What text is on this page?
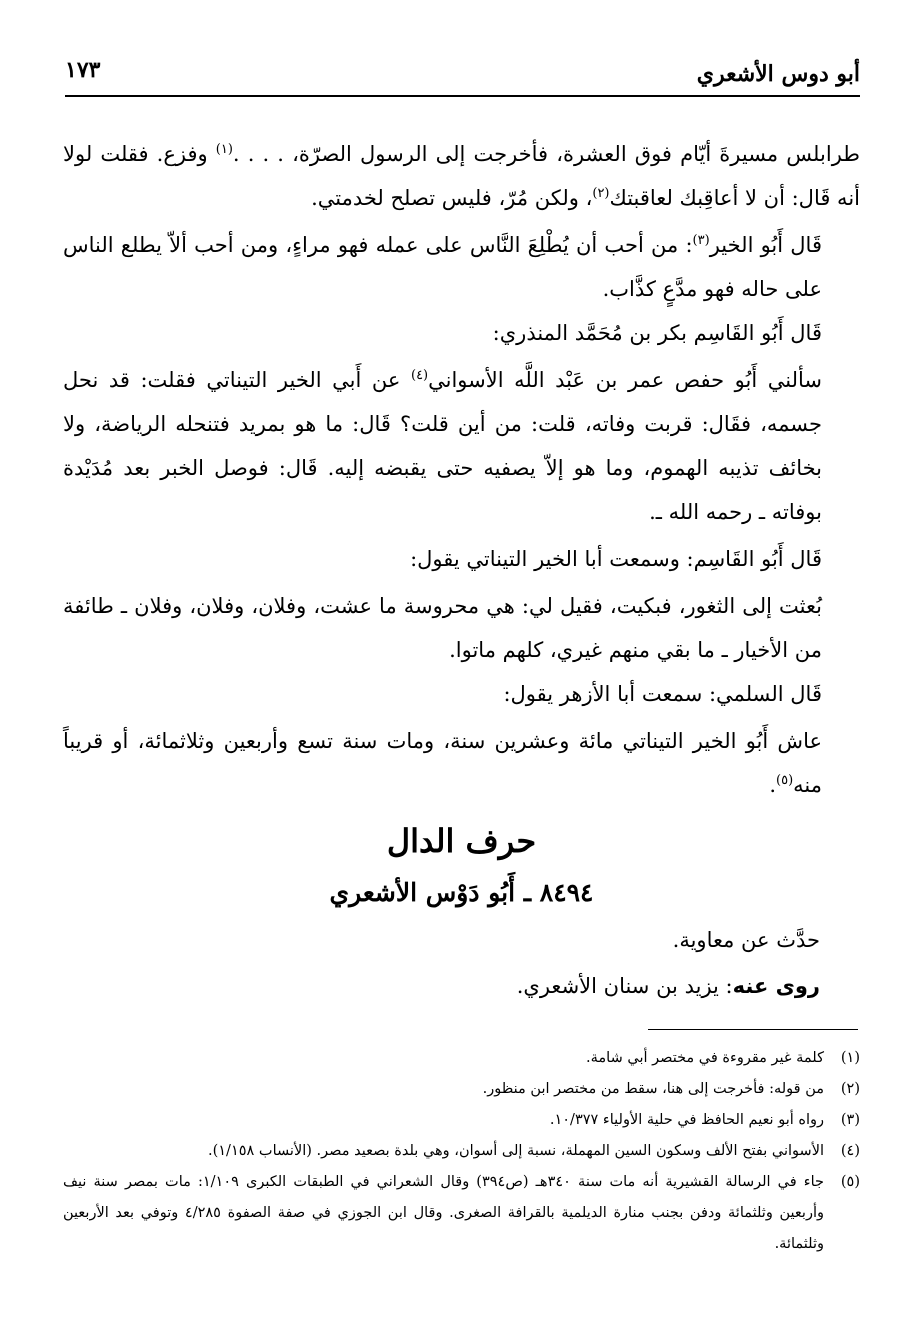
أبو دوس الأشعري
١٧٣

طرابلس مسيرةَ أيّام فوق العشرة، فأخرجت إلى الرسول الصرّة، . . . .$^{(١)}$ وفزع. فقلت لولا أنه قَال: أن لا أعاقِبك لعاقبتك$^{(٢)}$، ولكن مُرّ، فليس تصلح لخدمتي.

قَال أَبُو الخير$^{(٣)}$: من أحب أن يُطْلِعَ النَّاس على عمله فهو مراءٍ، ومن أحب ألاّ يطلع الناس على حاله فهو مدَّعٍ كذَّاب.

قَال أَبُو القَاسِم بكر بن مُحَمَّد المنذري:

سألني أَبُو حفص عمر بن عَبْد اللَّه الأسواني$^{(٤)}$ عن أَبي الخير التيناتي فقلت: قد نحل جسمه، فقَال: قربت وفاته، قلت: من أين قلت؟ قَال: ما هو بمريد فتنحله الرياضة، ولا بخائف تذيبه الهموم، وما هو إلاّ يصفيه حتى يقبضه إليه. قَال: فوصل الخبر بعد مُدَيْدة بوفاته ـ رحمه الله ـ.

قَال أَبُو القَاسِم: وسمعت أبا الخير التيناتي يقول:

بُعثت إلى الثغور، فبكيت، فقيل لي: هي محروسة ما عشت، وفلان، وفلان، وفلان ـ طائفة من الأخيار ـ ما بقي منهم غيري، كلهم ماتوا.

قَال السلمي: سمعت أبا الأزهر يقول:

عاش أَبُو الخير التيناتي مائة وعشرين سنة، ومات سنة تسع وأربعين وثلاثمائة، أو قريباً منه$^{(٥)}$.

حرف الدال
٨٤٩٤ ـ أَبُو دَوْس الأشعري
حدَّث عن معاوية.
روى عنه: يزيد بن سنان الأشعري.
(١)
كلمة غير مقروءة في مختصر أبي شامة.
(٢)
من قوله: فأخرجت إلى هنا، سقط من مختصر ابن منظور.
(٣)
رواه أبو نعيم الحافظ في حلية الأولياء ١٠/٣٧٧.
(٤)
الأسواني بفتح الألف وسكون السين المهملة، نسبة إلى أسوان، وهي بلدة بصعيد مصر. (الأنساب ١/١٥٨).
(٥)
جاء في الرسالة القشيرية أنه مات سنة ٣٤٠هـ (ص٣٩٤) وقال الشعراني في الطبقات الكبرى ١/١٠٩: مات بمصر سنة نيف وأربعين وثلثمائة ودفن بجنب منارة الديلمية بالقرافة الصغرى. وقال ابن الجوزي في صفة الصفوة ٤/٢٨٥ وتوفي بعد الأربعين وثلثمائة.
